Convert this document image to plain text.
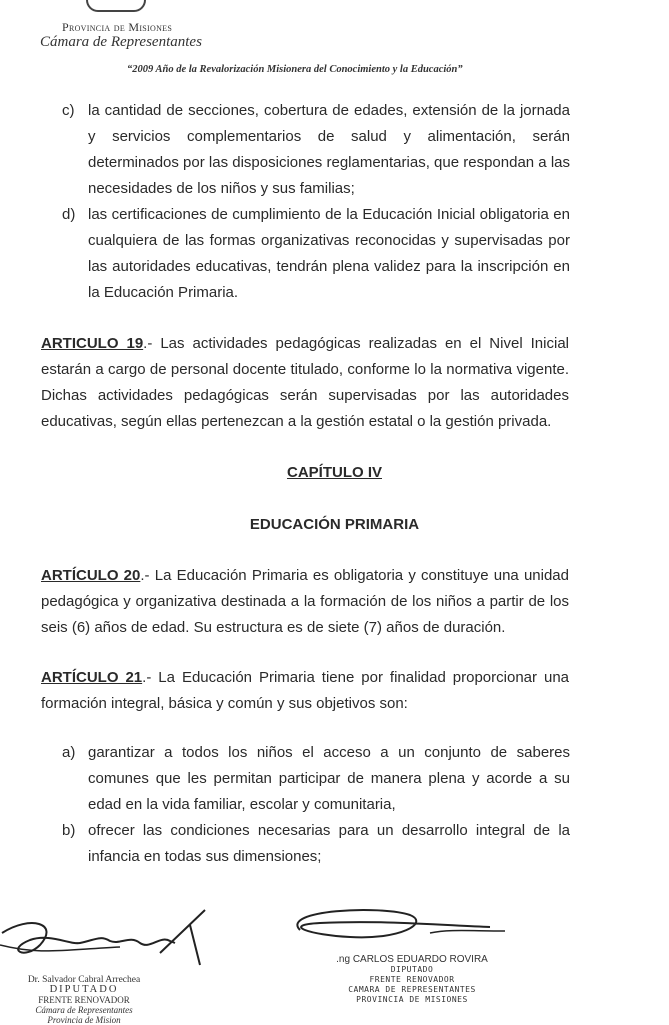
Provincia de Misiones
Cámara de Representantes
“2009 Año de la Revalorización Misionera del Conocimiento y la Educación”
c) la cantidad de secciones, cobertura de edades, extensión de la jornada y servicios complementarios de salud y alimentación, serán determinados por las disposiciones reglamentarias, que respondan a las necesidades de los niños y sus familias;
d) las certificaciones de cumplimiento de la Educación Inicial obligatoria en cualquiera de las formas organizativas reconocidas y supervisadas por las autoridades educativas, tendrán plena validez para la inscripción en la Educación Primaria.
ARTICULO 19.- Las actividades pedagógicas realizadas en el Nivel Inicial estarán a cargo de personal docente titulado, conforme lo la normativa vigente. Dichas actividades pedagógicas serán supervisadas por las autoridades educativas, según ellas pertenezcan a la gestión estatal o la gestión privada.
CAPÍTULO IV
EDUCACIÓN PRIMARIA
ARTÍCULO 20.- La Educación Primaria es obligatoria y constituye una unidad pedagógica y organizativa destinada a la formación de los niños a partir de los seis (6) años de edad. Su estructura es de siete (7) años de duración.
ARTÍCULO 21.- La Educación Primaria tiene por finalidad proporcionar una formación integral, básica y común y sus objetivos son:
a) garantizar a todos los niños el acceso a un conjunto de saberes comunes que les permitan participar de manera plena y acorde a su edad en la vida familiar, escolar y comunitaria,
b) ofrecer las condiciones necesarias para un desarrollo integral de la infancia en todas sus dimensiones;
Dr. Salvador Cabral Arrechea
DIPUTADO
FRENTE RENOVADOR
Cámara de Representantes
Provincia de Mision
.ng CARLOS EDUARDO ROVIRA
DIPUTADO
FRENTE RENOVADOR
CAMARA DE REPRESENTANTES
PROVINCIA DE MISIONES
